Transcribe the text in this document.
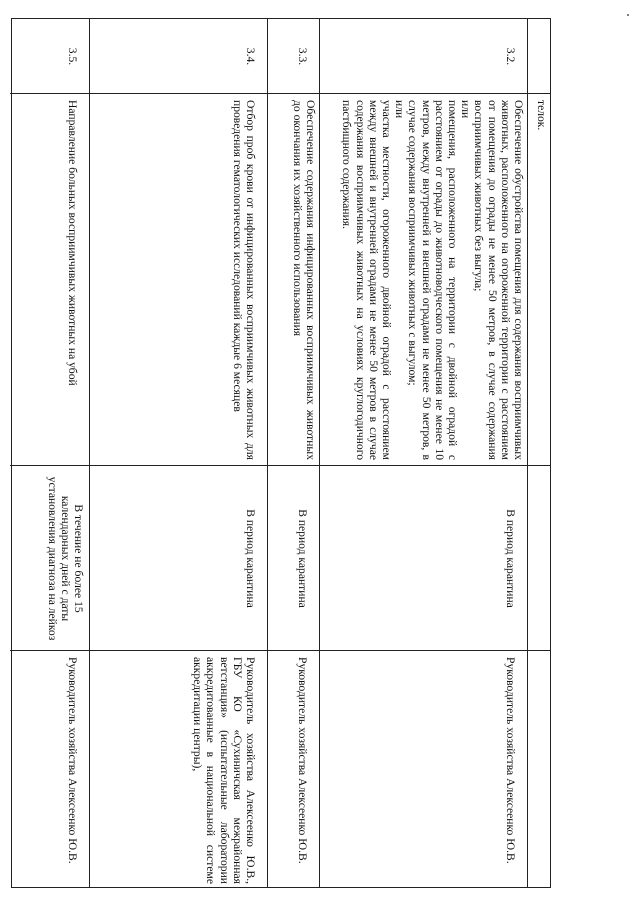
телок.
3.2.
Обеспечение обустройства помещения для содержания восприимчивых животных, расположенного на огороженной территории с расстоянием от помещения до ограды не менее 50 метров, в случае содержания восприимчивых животных без выгула;
или
помещения, расположенного на территории с двойной оградой с расстоянием от ограды до животноводческого помещения не менее 10 метров, между внутренней и внешней оградами не менее 50 метров, в случае содержания восприимчивых животных с выгулом;
или
участка местности, огороженного двойной оградой с расстоянием между внешней и внутренней оградами не менее 50 метров в случае содержания восприимчивых животных на условиях круглогодичного пастбищного содержания.
В период карантина
Руководитель хозяйства Алексеенко Ю.В.
3.3.
Обеспечение содержания инфицированных восприимчивых животных до окончания их хозяйственного использования
В период карантина
Руководитель хозяйства Алексеенко Ю.В.
3.4.
Отбор проб крови от инфицированных восприимчивых животных для проведения гематологических исследований каждые 6 месяцев
В период карантина
Руководитель хозяйства Алексеенко Ю.В., ГБУ КО «Сухиничская межрайонная ветстанция» (испытательные лаборатории аккредитованные в национальной системе аккредитации центры),
3.5.
Направление больных восприимчивых животных на убой
В течение не более 15 календарных дней с даты установления диагноза на лейкоз
Руководитель хозяйства Алексеенко Ю.В.
